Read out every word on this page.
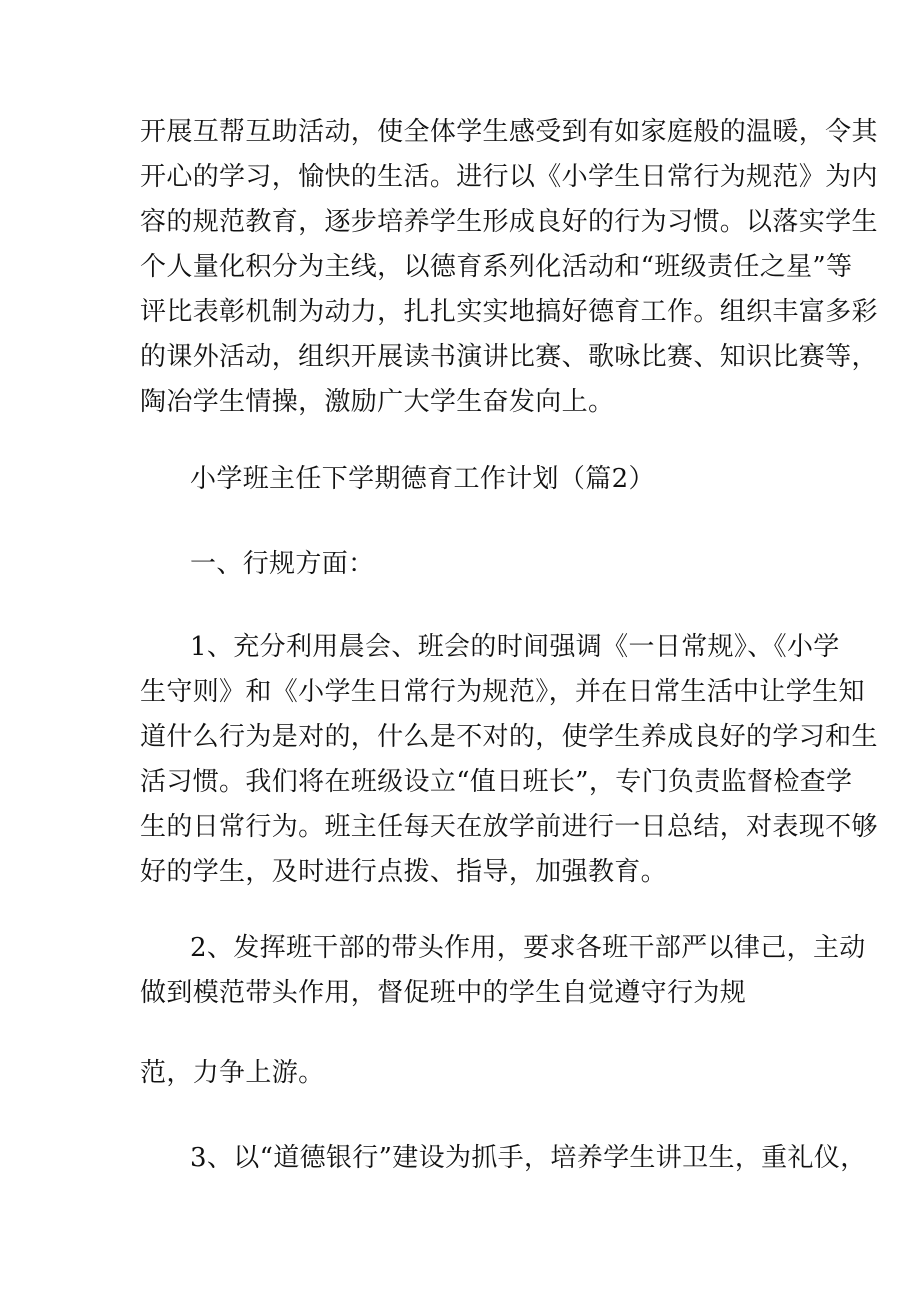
开展互帮互助活动，使全体学生感受到有如家庭般的温暖，令其

开心的学习，愉快的生活。进行以《小学生日常行为规范》为内

容的规范教育，逐步培养学生形成良好的行为习惯。以落实学生

个人量化积分为主线，以德育系列化活动和“班级责任之星”等

评比表彰机制为动力，扎扎实实地搞好德育工作。组织丰富多彩

的课外活动，组织开展读书演讲比赛、歌咏比赛、知识比赛等，

陶冶学生情操，激励广大学生奋发向上。

小学班主任下学期德育工作计划（篇2）

一、行规方面：

1、充分利用晨会、班会的时间强调《一日常规》、《小学

生守则》和《小学生日常行为规范》，并在日常生活中让学生知

道什么行为是对的，什么是不对的，使学生养成良好的学习和生

活习惯。我们将在班级设立“值日班长”，专门负责监督检查学

生的日常行为。班主任每天在放学前进行一日总结，对表现不够

好的学生，及时进行点拨、指导，加强教育。

2、发挥班干部的带头作用，要求各班干部严以律己，主动

做到模范带头作用，督促班中的学生自觉遵守行为规

范，力争上游。

3、以“道德银行”建设为抓手，培养学生讲卫生，重礼仪，
